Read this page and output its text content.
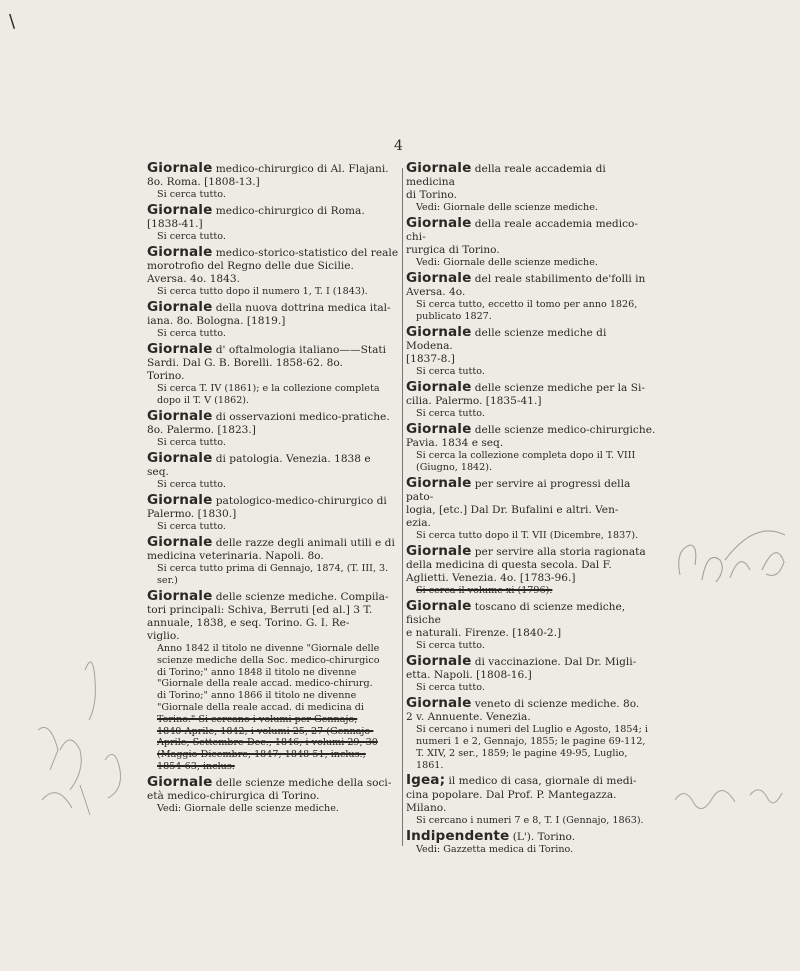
\
4
Giornale medico-chirurgico di Al. Flajani.
8o. Roma. [1808-13.]
Si cerca tutto.
Giornale medico-chirurgico di Roma.
[1838-41.]
Si cerca tutto.
Giornale medico-storico-statistico del reale
morotrofio del Regno delle due Sicilie.
Aversa. 4o. 1843.
Si cerca tutto dopo il numero 1, T. I (1843).
Giornale della nuova dottrina medica ital-
iana. 8o. Bologna. [1819.]
Si cerca tutto.
Giornale d' oftalmologia italiano——Stati
Sardi. Dal G. B. Borelli. 1858-62. 8o.
Torino.
Si cerca T. IV (1861); e la collezione completa
dopo il T. V (1862).
Giornale di osservazioni medico-pratiche.
8o. Palermo. [1823.]
Si cerca tutto.
Giornale di patologia. Venezia. 1838 e
seq.
Si cerca tutto.
Giornale patologico-medico-chirurgico di
Palermo. [1830.]
Si cerca tutto.
Giornale delle razze degli animali utili e di
medicina veterinaria. Napoli. 8o.
Si cerca tutto prima di Gennajo, 1874, (T. III, 3.
ser.)
Giornale delle scienze mediche. Compila-
tori principali: Schiva, Berruti [ed al.] 3 T.
annuale, 1838, e seq. Torino. G. I. Re-
viglio.
Anno 1842 il titolo ne divenne "Giornale delle
scienze mediche della Soc. medico-chirurgico
di Torino;" anno 1848 il titolo ne divenne
"Giornale della reale accad. medico-chirurg.
di Torino;" anno 1866 il titolo ne divenne
"Giornale della reale accad. di medicina di
Torino." Si cercano i volumi per Gennajo,
1840-Aprile, 1842; i volumi 25, 27 (Gennajo-
Aprile, Settembre-Dec., 1846; i volumi 29, 30
(Maggio-Dicembre, 1847; 1848-51, inclus.;
1854-63, inclus.
Giornale delle scienze mediche della soci-
età medico-chirurgica di Torino.
Vedi: Giornale delle scienze mediche.
Giornale della reale accademia di medicina
di Torino.
Vedi: Giornale delle scienze mediche.
Giornale della reale accademia medico-chi-
rurgica di Torino.
Vedi: Giornale delle scienze mediche.
Giornale del reale stabilimento de'folli in
Aversa. 4o.
Si cerca tutto, eccetto il tomo per anno 1826,
publicato 1827.
Giornale delle scienze mediche di Modena.
[1837-8.]
Si cerca tutto.
Giornale delle scienze mediche per la Si-
cilia. Palermo. [1835-41.]
Si cerca tutto.
Giornale delle scienze medico-chirurgiche.
Pavia. 1834 e seq.
Si cerca la collezione completa dopo il T. VIII
(Giugno, 1842).
Giornale per servire ai progressi della pato-
logia, [etc.] Dal Dr. Bufalini e altri. Ven-
ezia.
Si cerca tutto dopo il T. VII (Dicembre, 1837).
Giornale per servire alla storia ragionata
della medicina di questa secola. Dal F.
Aglietti. Venezia. 4o. [1783-96.]
Si cerca il volume xi (1796).
Giornale toscano di scienze mediche, fisiche
e naturali. Firenze. [1840-2.]
Si cerca tutto.
Giornale di vaccinazione. Dal Dr. Migli-
etta. Napoli. [1808-16.]
Si cerca tutto.
Giornale veneto di scienze mediche. 8o.
2 v. Annuente. Venezia.
Si cercano i numeri del Luglio e Agosto, 1854; i
numeri 1 e 2, Gennajo, 1855; le pagine 69-112,
T. XIV, 2 ser., 1859; le pagine 49-95, Luglio,
1861.
Igea; il medico di casa, giornale di medi-
cina popolare. Dal Prof. P. Mantegazza.
Milano.
Si cercano i numeri 7 e 8, T. I (Gennajo, 1863).
Indipendente (L'). Torino.
Vedi: Gazzetta medica di Torino.
